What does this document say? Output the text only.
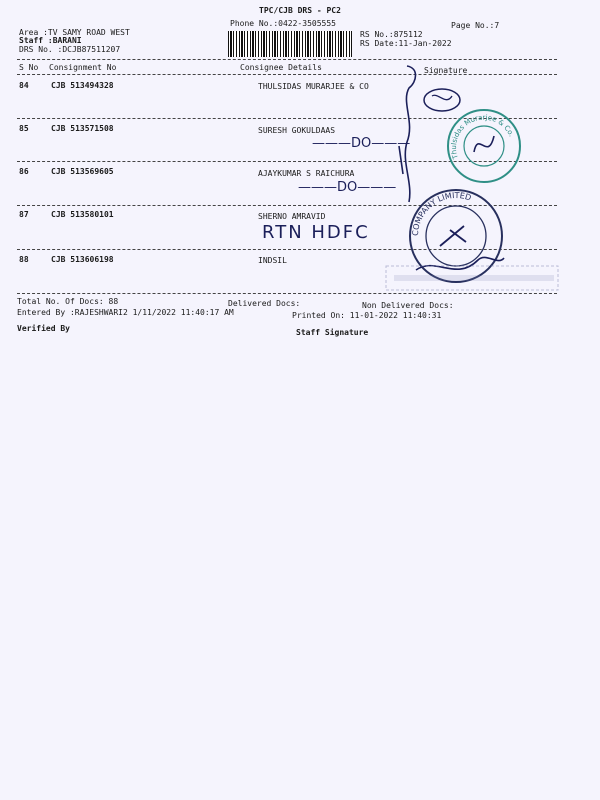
TPC/CJB DRS - PC2
Phone No.:0422-3505555	Page No.:7
Area :TV SAMY ROAD WEST
Staff :BARANI
DRS No. :DCJB87511207
RS No.:875112
RS Date:11-Jan-2022
S No Consignment No	Consignee Details	Signature
84	CJB 513494328	THULSIDAS MURARJEE & CO
85	CJB 513571508	SURESH GOKULDAAS
———DO———
86	CJB 513569605	AJAYKUMAR S RAICHURA
———DO———
87	CJB 513580101	SHERNO AMRAVID
RTN HDFC
88	CJB 513606198	INDSIL
Total No. Of Docs: 88	Delivered Docs:	Non Delivered Docs:
Entered By :RAJESHWARI2 1/11/2022 11:40:17 AM	Printed On: 11-01-2022 11:40:31
Verified By	Staff Signature
Thulsidas Murarjee & Co.
COMPANY LIMITED
